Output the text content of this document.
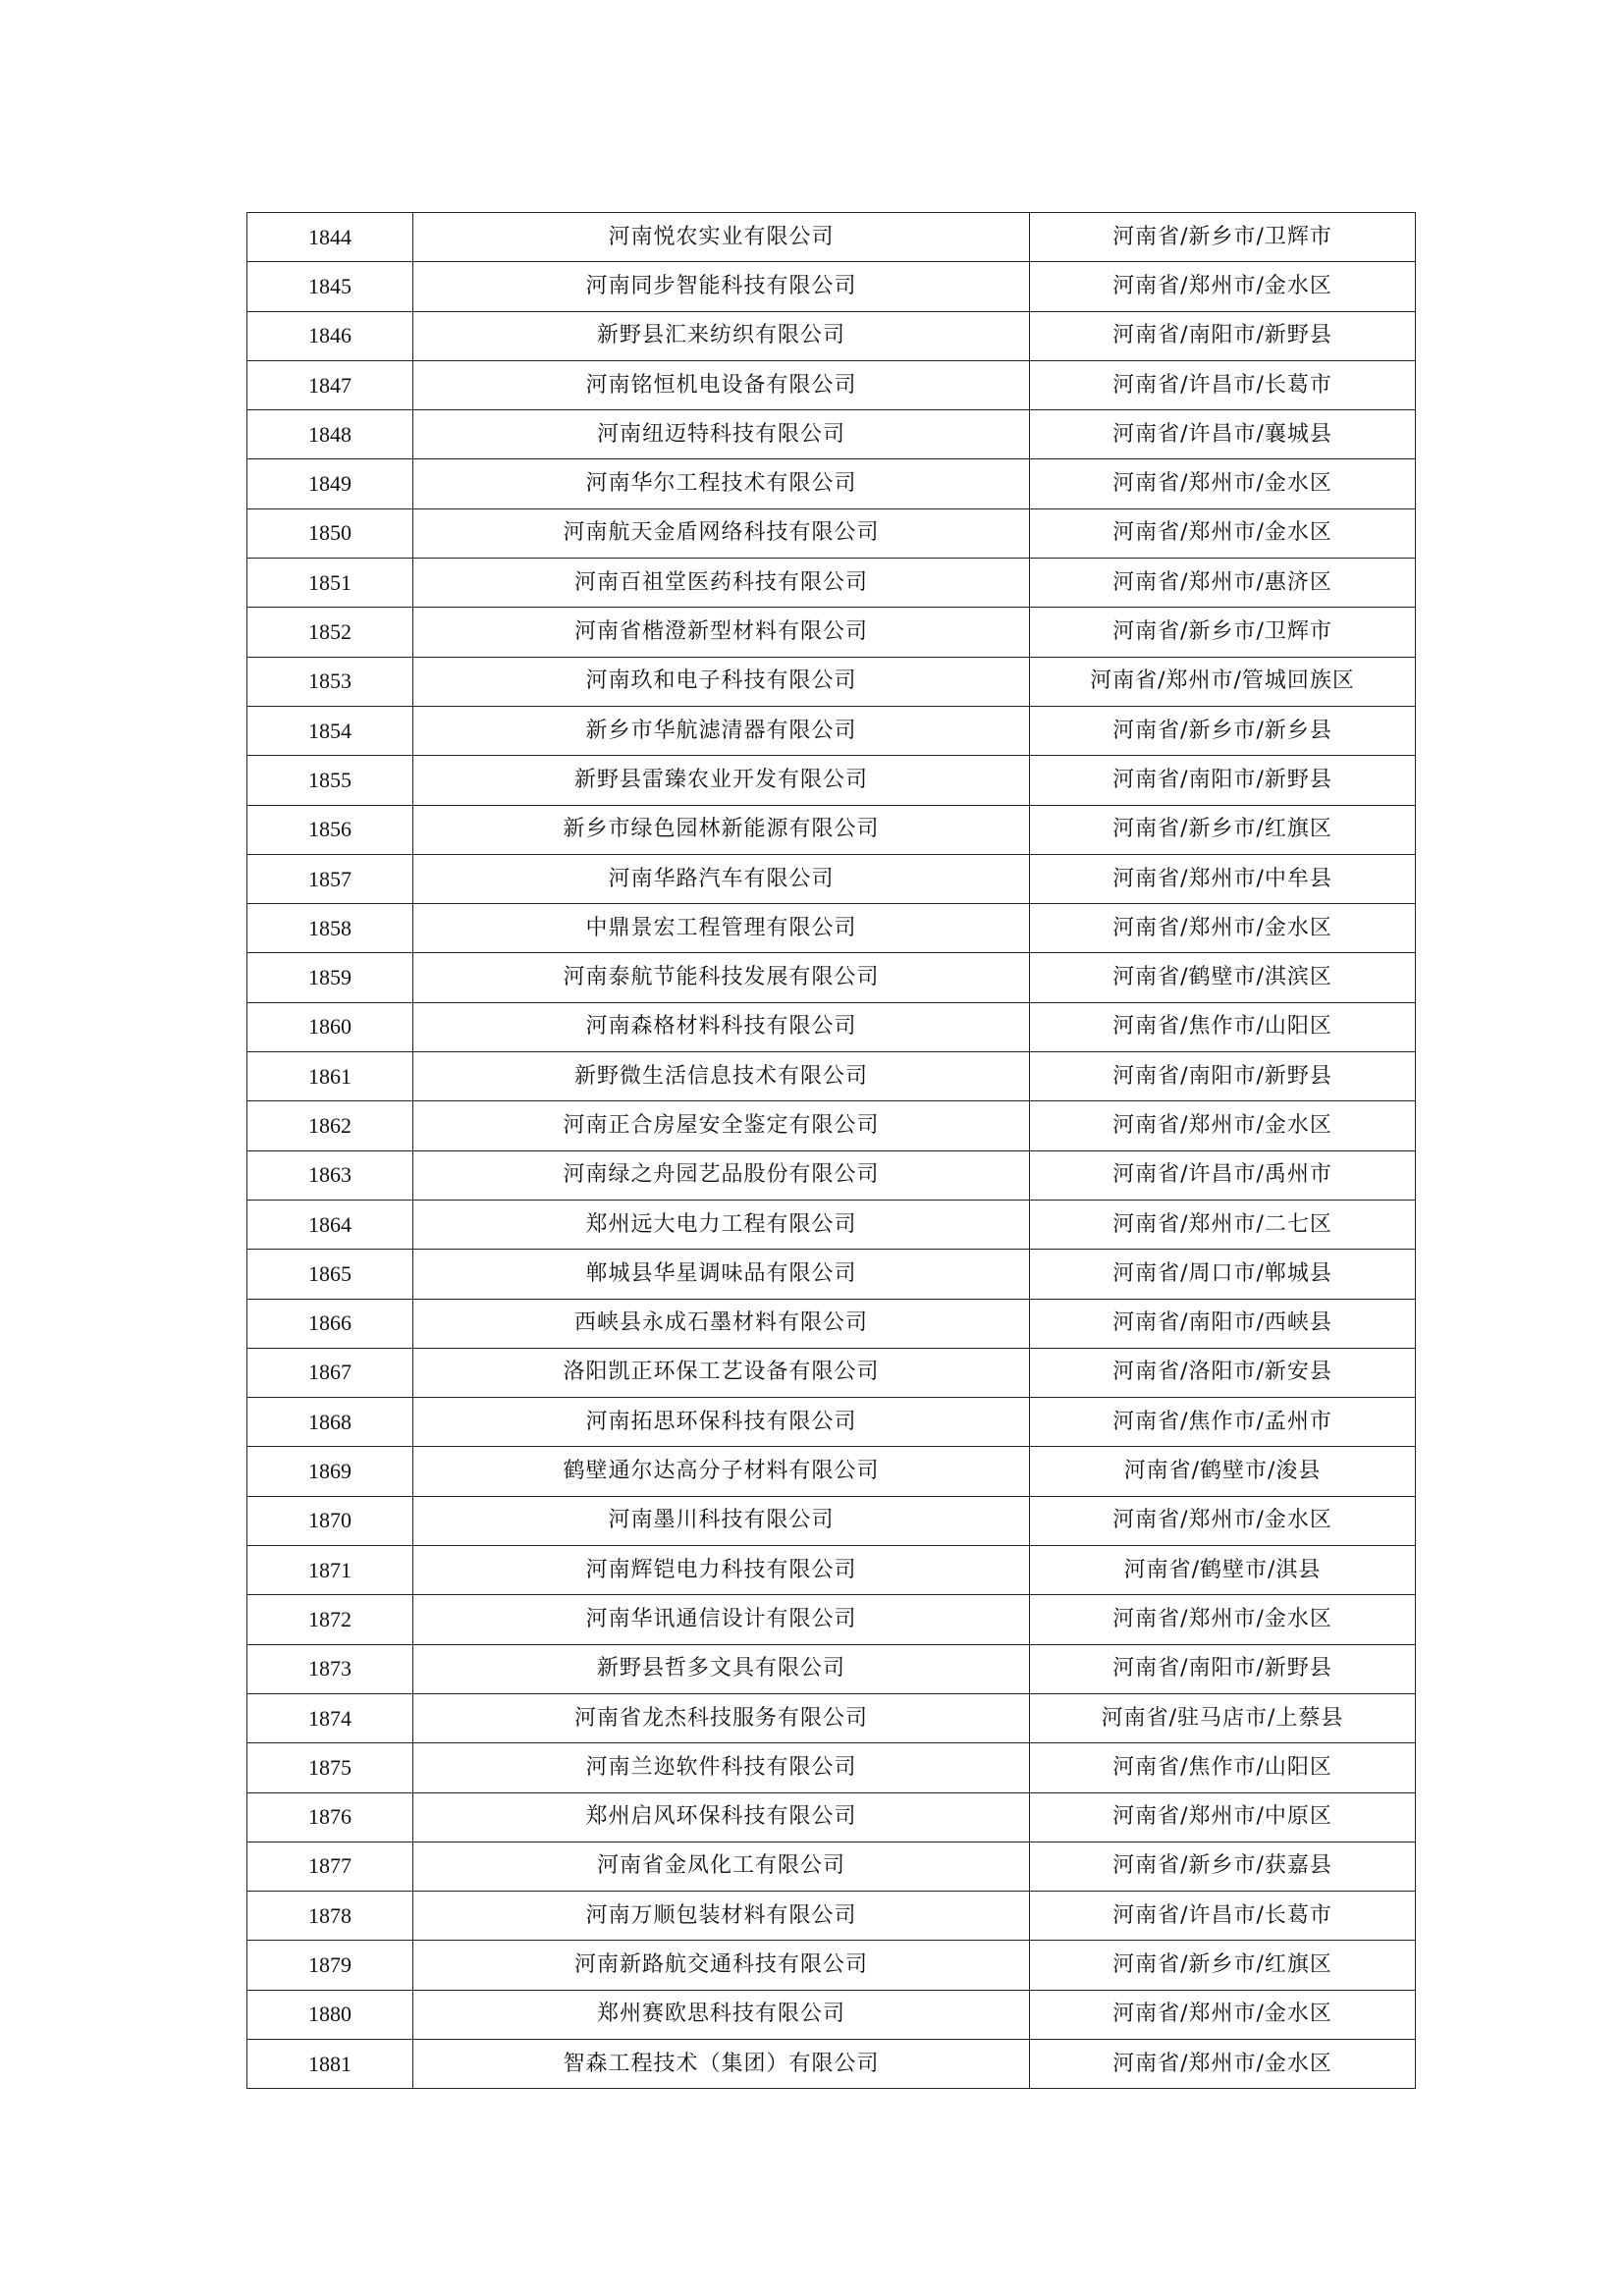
1844	河南悦农实业有限公司	河南省/新乡市/卫辉市
1845	河南同步智能科技有限公司	河南省/郑州市/金水区
1846	新野县汇来纺织有限公司	河南省/南阳市/新野县
1847	河南铭恒机电设备有限公司	河南省/许昌市/长葛市
1848	河南纽迈特科技有限公司	河南省/许昌市/襄城县
1849	河南华尔工程技术有限公司	河南省/郑州市/金水区
1850	河南航天金盾网络科技有限公司	河南省/郑州市/金水区
1851	河南百祖堂医药科技有限公司	河南省/郑州市/惠济区
1852	河南省楷澄新型材料有限公司	河南省/新乡市/卫辉市
1853	河南玖和电子科技有限公司	河南省/郑州市/管城回族区
1854	新乡市华航滤清器有限公司	河南省/新乡市/新乡县
1855	新野县雷臻农业开发有限公司	河南省/南阳市/新野县
1856	新乡市绿色园林新能源有限公司	河南省/新乡市/红旗区
1857	河南华路汽车有限公司	河南省/郑州市/中牟县
1858	中鼎景宏工程管理有限公司	河南省/郑州市/金水区
1859	河南泰航节能科技发展有限公司	河南省/鹤壁市/淇滨区
1860	河南森格材料科技有限公司	河南省/焦作市/山阳区
1861	新野微生活信息技术有限公司	河南省/南阳市/新野县
1862	河南正合房屋安全鉴定有限公司	河南省/郑州市/金水区
1863	河南绿之舟园艺品股份有限公司	河南省/许昌市/禹州市
1864	郑州远大电力工程有限公司	河南省/郑州市/二七区
1865	郸城县华星调味品有限公司	河南省/周口市/郸城县
1866	西峡县永成石墨材料有限公司	河南省/南阳市/西峡县
1867	洛阳凯正环保工艺设备有限公司	河南省/洛阳市/新安县
1868	河南拓思环保科技有限公司	河南省/焦作市/孟州市
1869	鹤壁通尔达高分子材料有限公司	河南省/鹤壁市/浚县
1870	河南墨川科技有限公司	河南省/郑州市/金水区
1871	河南辉铠电力科技有限公司	河南省/鹤壁市/淇县
1872	河南华讯通信设计有限公司	河南省/郑州市/金水区
1873	新野县哲多文具有限公司	河南省/南阳市/新野县
1874	河南省龙杰科技服务有限公司	河南省/驻马店市/上蔡县
1875	河南兰迩软件科技有限公司	河南省/焦作市/山阳区
1876	郑州启风环保科技有限公司	河南省/郑州市/中原区
1877	河南省金凤化工有限公司	河南省/新乡市/获嘉县
1878	河南万顺包装材料有限公司	河南省/许昌市/长葛市
1879	河南新路航交通科技有限公司	河南省/新乡市/红旗区
1880	郑州赛欧思科技有限公司	河南省/郑州市/金水区
1881	智森工程技术（集团）有限公司	河南省/郑州市/金水区
